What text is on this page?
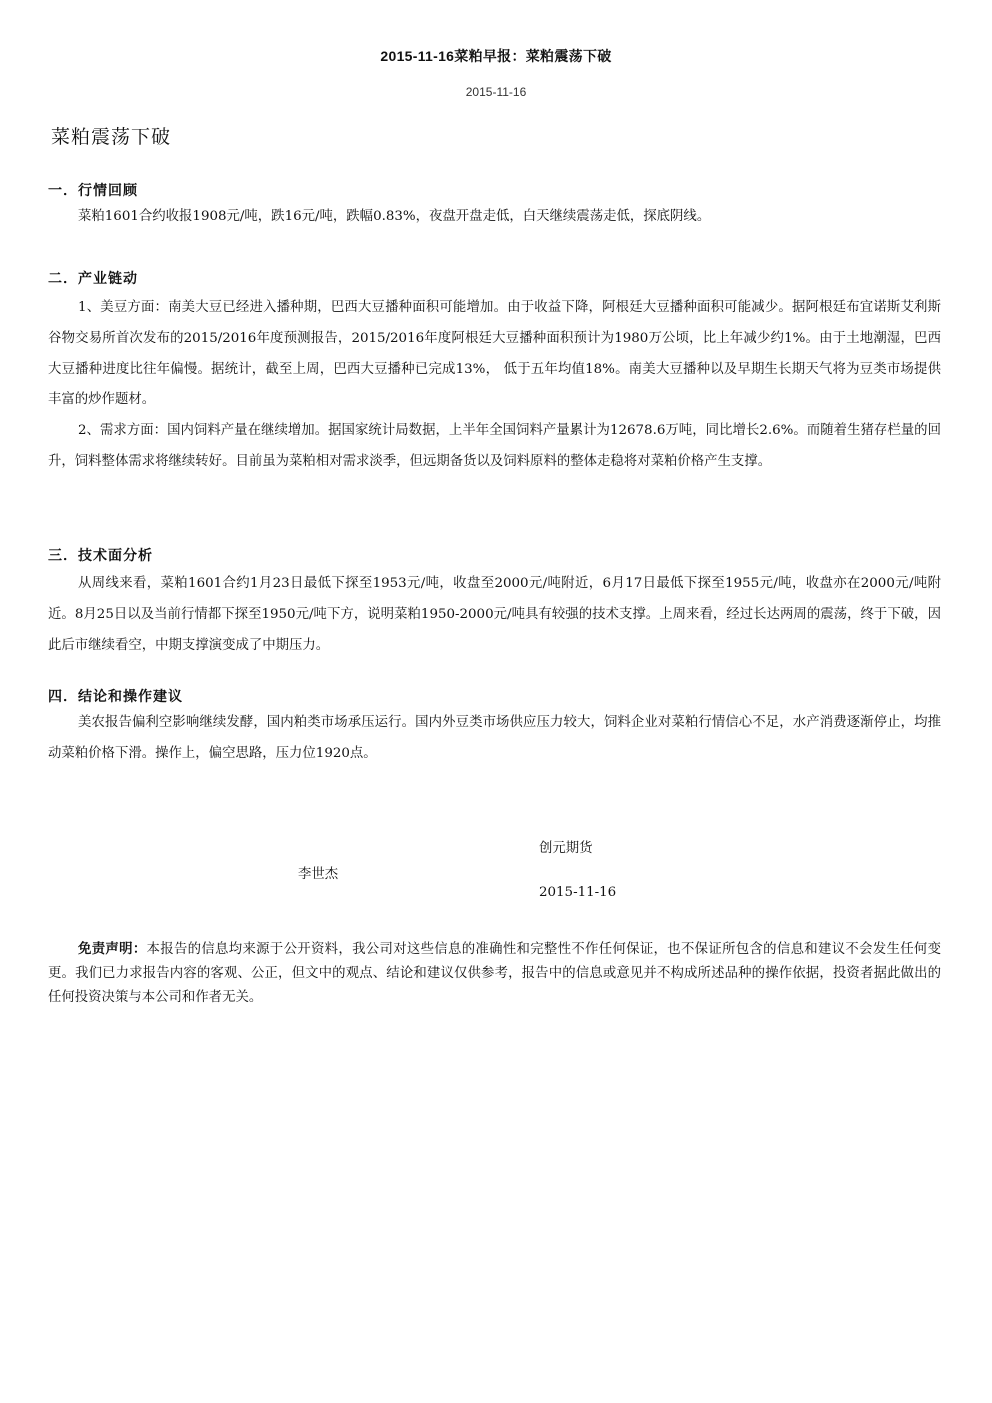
2015-11-16菜粕早报：菜粕震荡下破
2015-11-16
菜粕震荡下破
一．行情回顾
菜粕1601合约收报1908元/吨，跌16元/吨，跌幅0.83%，夜盘开盘走低，白天继续震荡走低，探底阴线。
二．产业链动
1、美豆方面：南美大豆已经进入播种期，巴西大豆播种面积可能增加。由于收益下降，阿根廷大豆播种面积可能减少。据阿根廷布宜诺斯艾利斯谷物交易所首次发布的2015/2016年度预测报告，2015/2016年度阿根廷大豆播种面积预计为1980万公顷，比上年减少约1%。由于土地潮湿，巴西大豆播种进度比往年偏慢。据统计，截至上周，巴西大豆播种已完成13%， 低于五年均值18%。南美大豆播种以及早期生长期天气将为豆类市场提供丰富的炒作题材。
2、需求方面：国内饲料产量在继续增加。据国家统计局数据，上半年全国饲料产量累计为12678.6万吨，同比增长2.6%。而随着生猪存栏量的回升，饲料整体需求将继续转好。目前虽为菜粕相对需求淡季，但远期备货以及饲料原料的整体走稳将对菜粕价格产生支撑。
三．技术面分析
从周线来看，菜粕1601合约1月23日最低下探至1953元/吨，收盘至2000元/吨附近，6月17日最低下探至1955元/吨，收盘亦在2000元/吨附近。8月25日以及当前行情都下探至1950元/吨下方，说明菜粕1950-2000元/吨具有较强的技术支撑。上周来看，经过长达两周的震荡，终于下破，因此后市继续看空，中期支撑演变成了中期压力。
四．结论和操作建议
美农报告偏利空影响继续发酵，国内粕类市场承压运行。国内外豆类市场供应压力较大，饲料企业对菜粕行情信心不足，水产消费逐渐停止，均推动菜粕价格下滑。操作上，偏空思路，压力位1920点。
创元期货
李世杰
2015-11-16
免责声明：本报告的信息均来源于公开资料，我公司对这些信息的准确性和完整性不作任何保证，也不保证所包含的信息和建议不会发生任何变更。我们已力求报告内容的客观、公正，但文中的观点、结论和建议仅供参考，报告中的信息或意见并不构成所述品种的操作依据，投资者据此做出的任何投资决策与本公司和作者无关。
